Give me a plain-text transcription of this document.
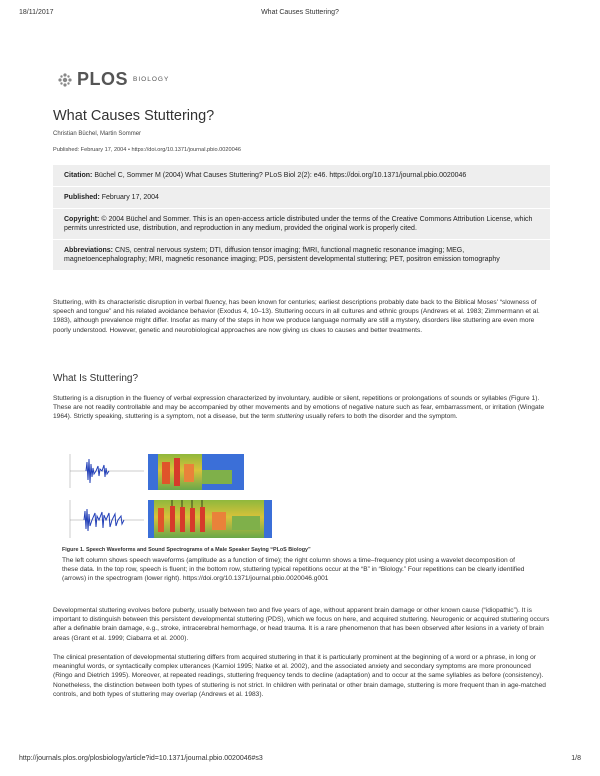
18/11/2017	What Causes Stuttering?
PLOS BIOLOGY
What Causes Stuttering?
Christian Büchel, Martin Sommer
Published: February 17, 2004 • https://doi.org/10.1371/journal.pbio.0020046
Citation: Büchel C, Sommer M (2004) What Causes Stuttering? PLoS Biol 2(2): e46. https://doi.org/10.1371/journal.pbio.0020046
Published: February 17, 2004
Copyright: © 2004 Büchel and Sommer. This is an open-access article distributed under the terms of the Creative Commons Attribution License, which permits unrestricted use, distribution, and reproduction in any medium, provided the original work is properly cited.
Abbreviations: CNS, central nervous system; DTI, diffusion tensor imaging; fMRI, functional magnetic resonance imaging; MEG, magnetoencephalography; MRI, magnetic resonance imaging; PDS, persistent developmental stuttering; PET, positron emission tomography

Stuttering, with its characteristic disruption in verbal fluency, has been known for centuries; earliest descriptions probably date back to the Biblical Moses' “slowness of speech and tongue” and his related avoidance behavior (Exodus 4, 10–13). Stuttering occurs in all cultures and ethnic groups (Andrews et al. 1983; Zimmermann et al. 1983), although prevalence might differ. Insofar as many of the steps in how we produce language normally are still a mystery, disorders like stuttering are even more poorly understood. However, genetic and neurobiological approaches are now giving us clues to causes and better treatments.

What Is Stuttering?

Stuttering is a disruption in the fluency of verbal expression characterized by involuntary, audible or silent, repetitions or prolongations of sounds or syllables (Figure 1). These are not readily controllable and may be accompanied by other movements and by emotions of negative nature such as fear, embarrassment, or irritation (Wingate 1964). Strictly speaking, stuttering is a symptom, not a disease, but the term stuttering usually refers to both the disorder and the symptom.

Figure 1. Speech Waveforms and Sound Spectrograms of a Male Speaker Saying “PLoS Biology”

The left column shows speech waveforms (amplitude as a function of time); the right column shows a time–frequency plot using a wavelet decomposition of these data. In the top row, speech is fluent; in the bottom row, stuttering typical repetitions occur at the “B” in “Biology.” Four repetitions can be clearly identified (arrows) in the spectrogram (lower right). https://doi.org/10.1371/journal.pbio.0020046.g001

Developmental stuttering evolves before puberty, usually between two and five years of age, without apparent brain damage or other known cause (“idiopathic”). It is important to distinguish between this persistent developmental stuttering (PDS), which we focus on here, and acquired stuttering. Neurogenic or acquired stuttering occurs after a definable brain damage, e.g., stroke, intracerebral hemorrhage, or head trauma. It is a rare phenomenon that has been observed after lesions in a variety of brain areas (Grant et al. 1999; Ciabarra et al. 2000).

The clinical presentation of developmental stuttering differs from acquired stuttering in that it is particularly prominent at the beginning of a word or a phrase, in long or meaningful words, or syntactically complex utterances (Karniol 1995; Natke et al. 2002), and the associated anxiety and secondary symptoms are more pronounced (Ringo and Dietrich 1995). Moreover, at repeated readings, stuttering frequency tends to decline (adaptation) and to occur at the same syllables as before (consistency). Nonetheless, the distinction between both types of stuttering is not strict. In children with perinatal or other brain damage, stuttering is more frequent than in age-matched controls, and both types of stuttering may overlap (Andrews et al. 1983).

http://journals.plos.org/plosbiology/article?id=10.1371/journal.pbio.0020046#s3	1/8
